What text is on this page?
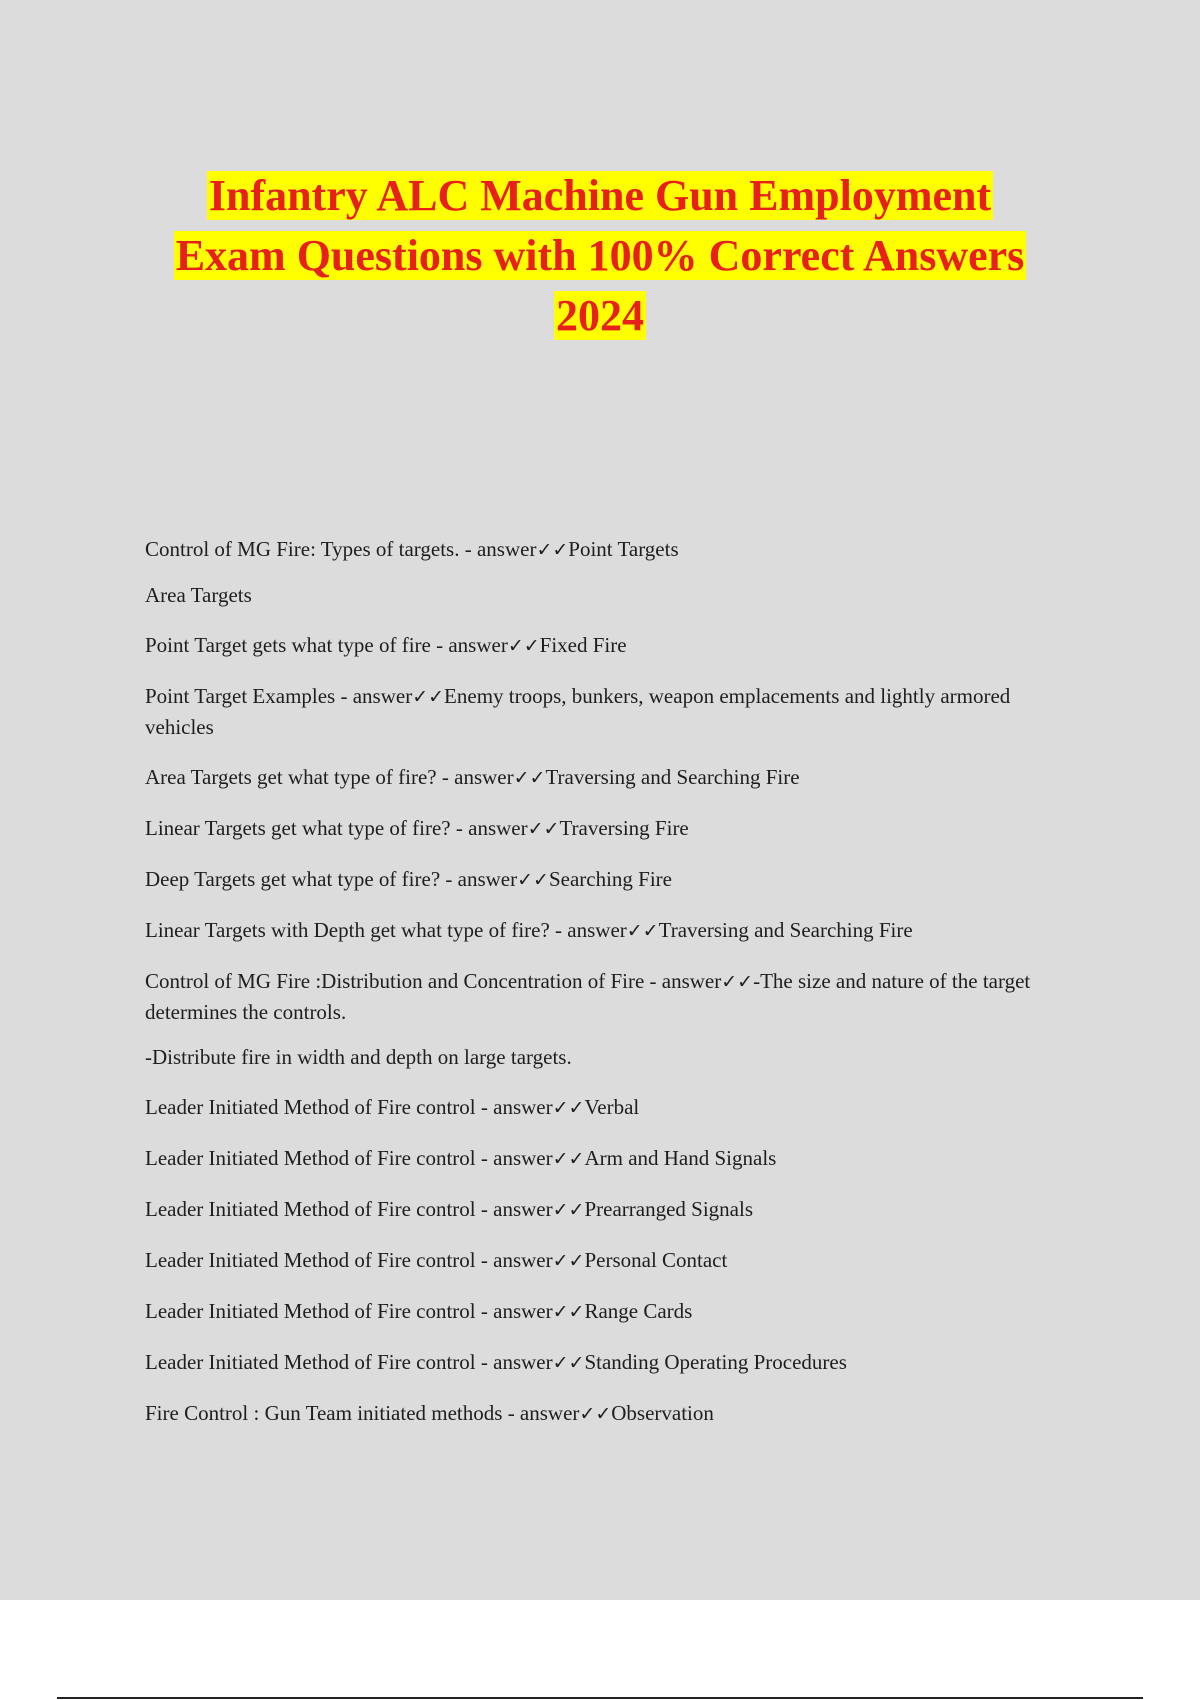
Infantry ALC Machine Gun Employment
Exam Questions with 100% Correct Answers
2024

Control of MG Fire: Types of targets. - answer✓✓Point Targets

Area Targets

Point Target gets what type of fire - answer✓✓Fixed Fire

Point Target Examples - answer✓✓Enemy troops, bunkers, weapon emplacements and lightly armored vehicles

Area Targets get what type of fire? - answer✓✓Traversing and Searching Fire

Linear Targets get what type of fire? - answer✓✓Traversing Fire

Deep Targets get what type of fire? - answer✓✓Searching Fire

Linear Targets with Depth get what type of fire? - answer✓✓Traversing and Searching Fire

Control of MG Fire :Distribution and Concentration of Fire - answer✓✓-The size and nature of the target determines the controls.

-Distribute fire in width and depth on large targets.

Leader Initiated Method of Fire control - answer✓✓Verbal

Leader Initiated Method of Fire control - answer✓✓Arm and Hand Signals

Leader Initiated Method of Fire control - answer✓✓Prearranged Signals

Leader Initiated Method of Fire control - answer✓✓Personal Contact

Leader Initiated Method of Fire control - answer✓✓Range Cards

Leader Initiated Method of Fire control - answer✓✓Standing Operating Procedures

Fire Control : Gun Team initiated methods - answer✓✓Observation
